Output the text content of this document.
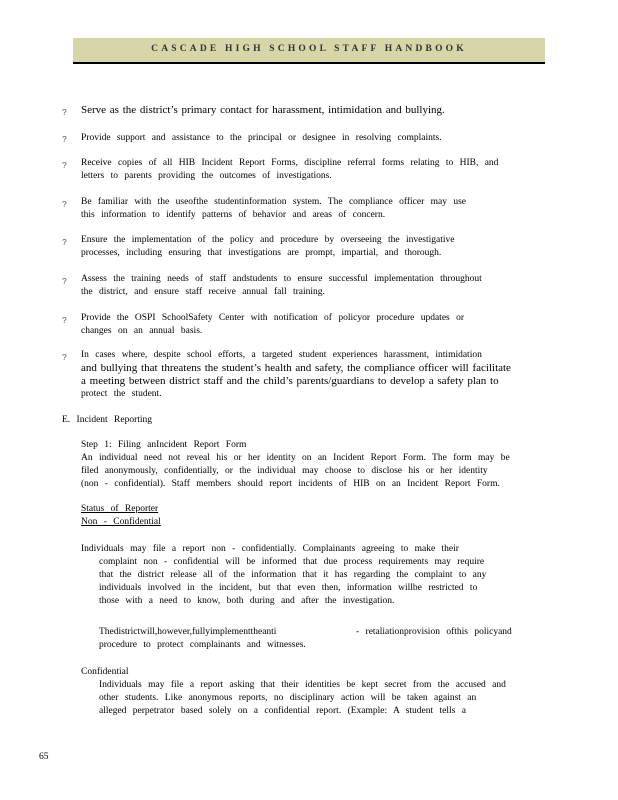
CASCADE HIGH SCHOOL STAFF HANDBOOK
? Serve as the district’s primary contact for harassment, intimidation and bullying.
? Provide support and assistance to the principal or designee in resolving complaints.
? Receive copies of all HIB Incident Report Forms, discipline referral forms relating to HIB, and
letters to parents providing the outcomes of investigations.
? Be familiar with the useofthe studentinformation system. The compliance officer may use
this information to identify patterns of behavior and areas of concern.
? Ensure the implementation of the policy and procedure by overseeing the investigative
processes, including ensuring that investigations are prompt, impartial, and thorough.
? Assess the training needs of staff andstudents to ensure successful implementation throughout
the district, and ensure staff receive annual fall training.
? Provide the OSPI SchoolSafety Center with notification of policyor procedure updates or
changes on an annual basis.
? In cases where, despite school efforts, a targeted student experiences harassment, intimidation
and bullying that threatens the student’s health and safety, the compliance officer will facilitate
a meeting between district staff and the child’s parents/guardians to develop a safety plan to
protect the student.
E. Incident Reporting
Step 1: Filing anIncident Report Form
An individual need not reveal his or her identity on an Incident Report Form. The form may be
filed anonymously, confidentially, or the individual may choose to disclose his or her identity
(non - confidential). Staff members should report incidents of HIB on an Incident Report Form.
Status of Reporter
Non - Confidential
Individuals may file a report non - confidentially. Complainants agreeing to make their
complaint non - confidential will be informed that due process requirements may require
that the district release all of the information that it has regarding the complaint to any
individuals involved in the incident, but that even then, information willbe restricted to
those with a need to know, both during and after the investigation.
Thedistrictwill,however,fullyimplementtheanti	- retaliationprovision ofthis policyand
procedure to protect complainants and witnesses.
Confidential
Individuals may file a report asking that their identities be kept secret from the accused and
other students. Like anonymous reports, no disciplinary action will be taken against an
alleged perpetrator based solely on a confidential report. (Example: A student tells a
65
